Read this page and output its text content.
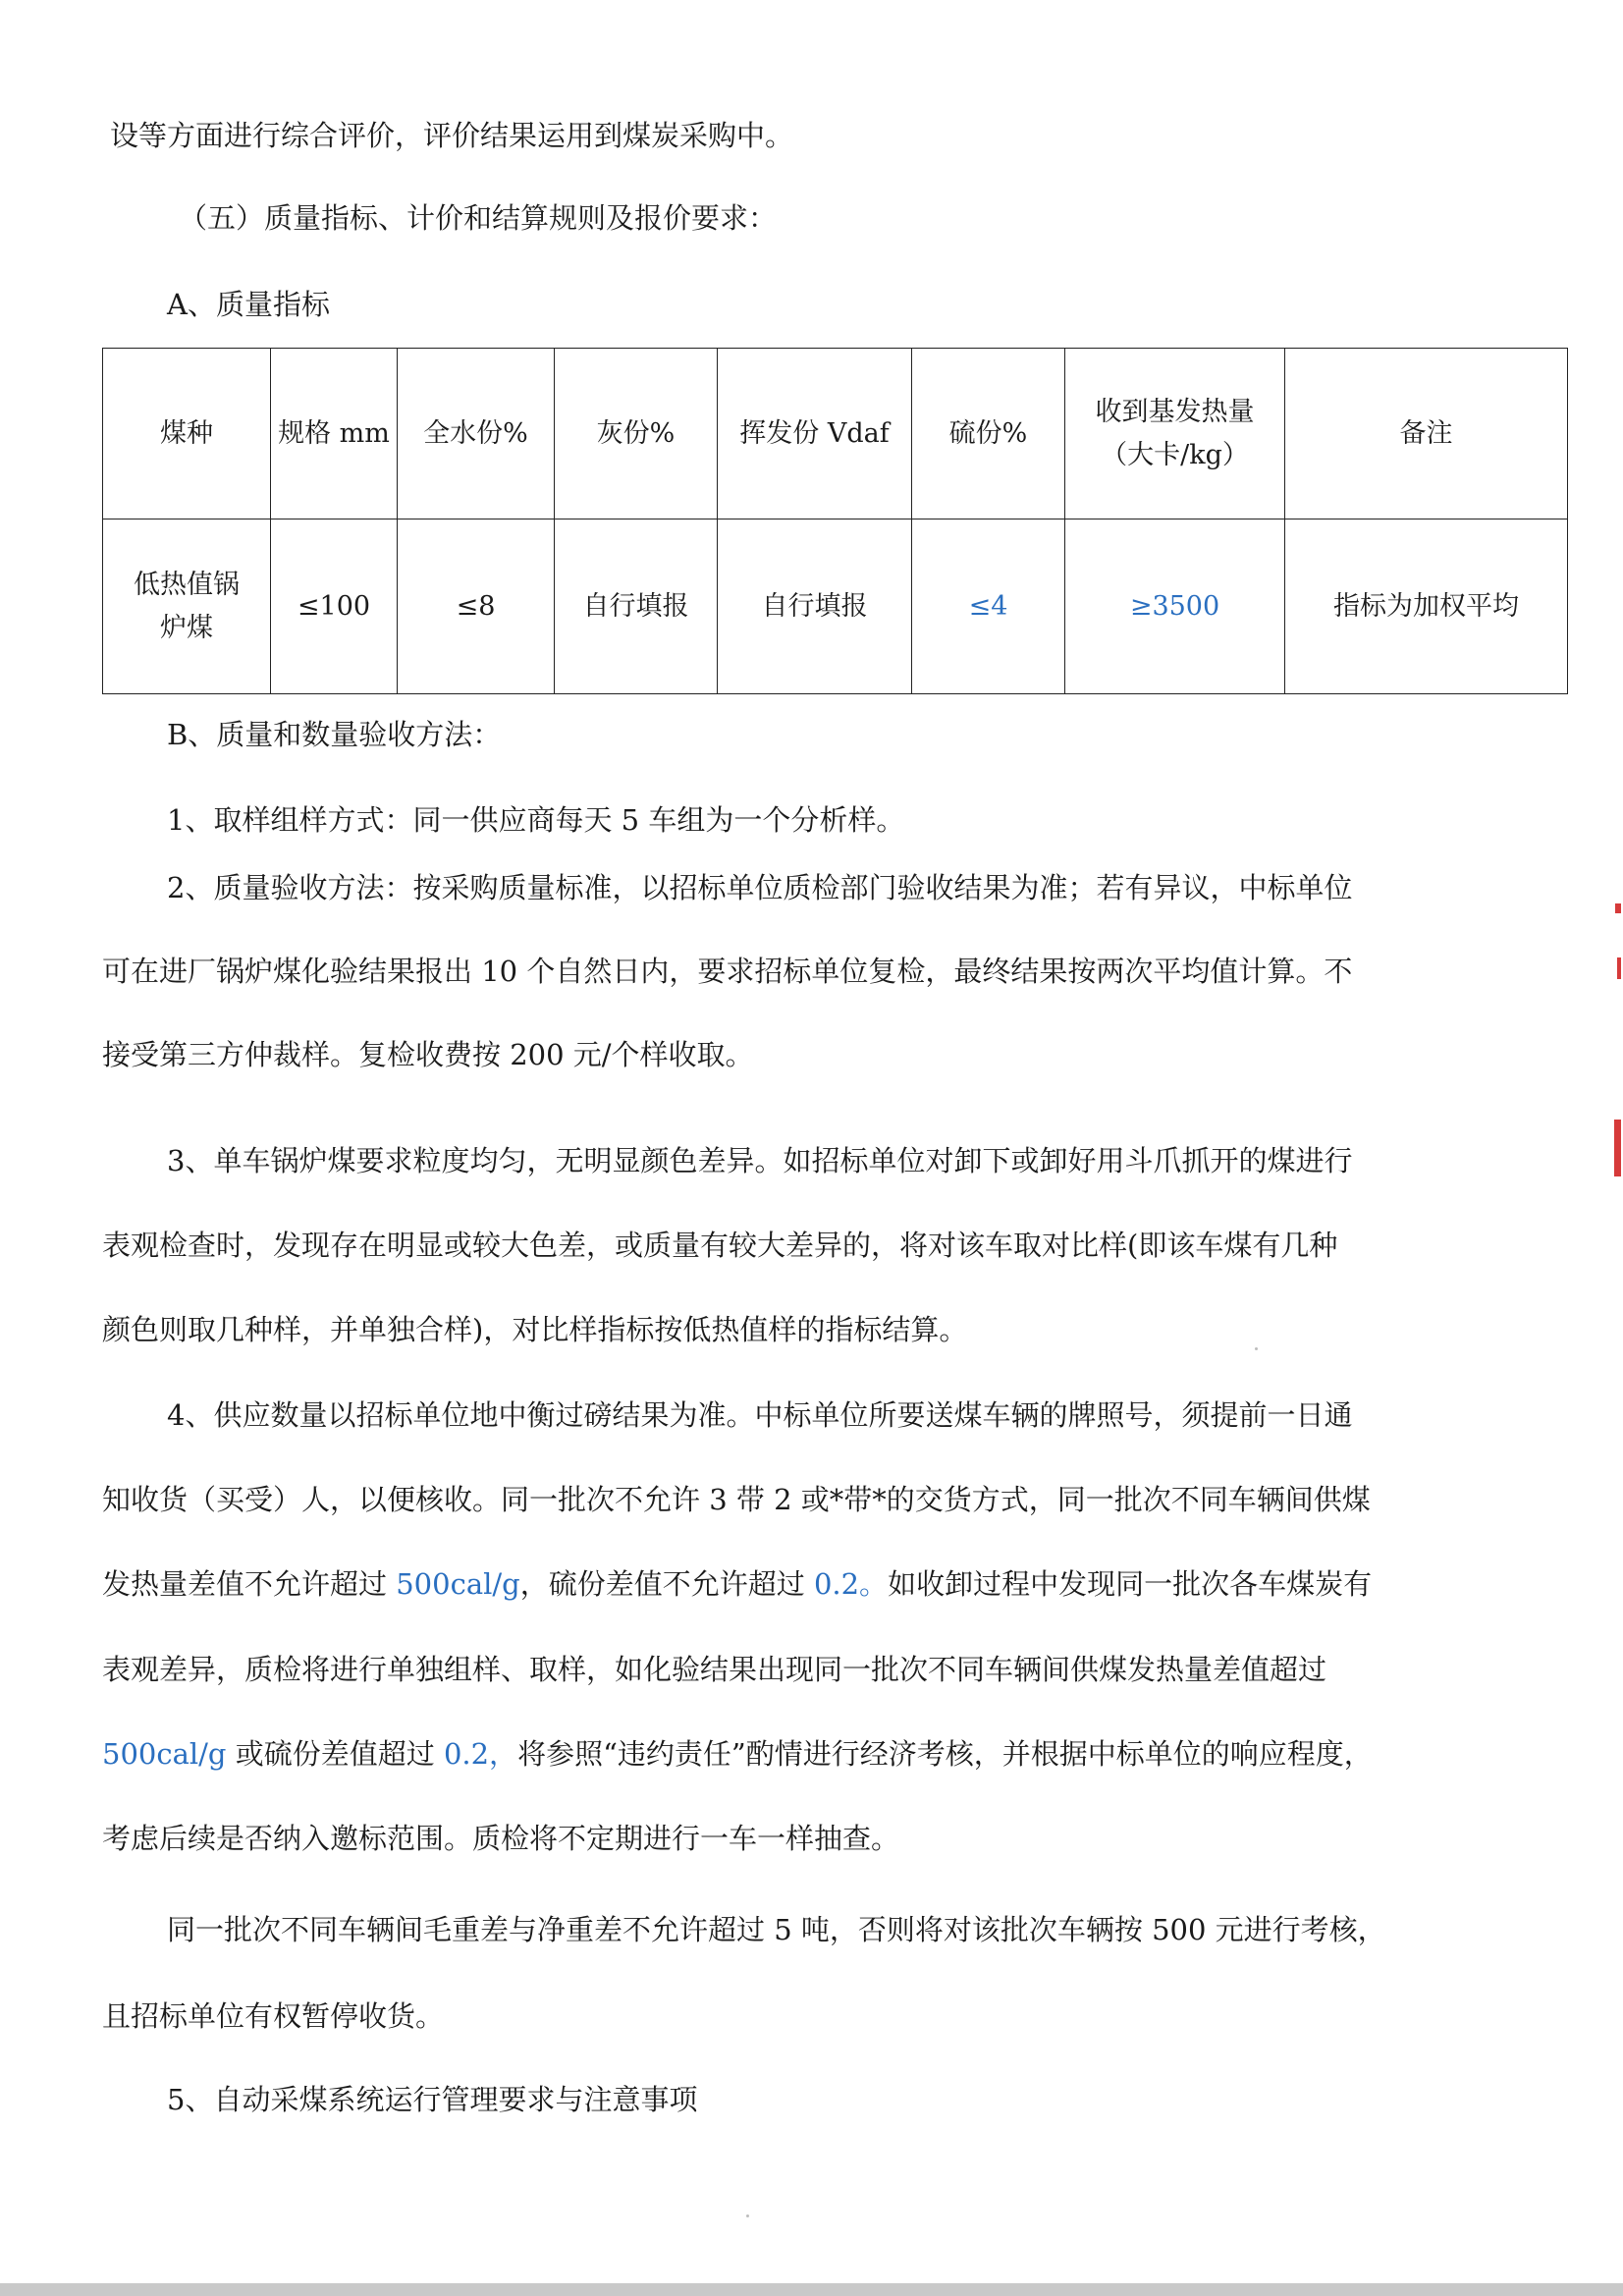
设等方面进行综合评价，评价结果运用到煤炭采购中。
（五）质量指标、计价和结算规则及报价要求：
A、质量指标
煤种	规格 mm	全水份%	灰份%	挥发份 Vdaf	硫份%	收到基发热量
（大卡/kg）	备注

低热值锅
炉煤	≤100	≤8	自行填报	自行填报	≤4	≥3500	指标为加权平均
B、质量和数量验收方法：
1、取样组样方式：同一供应商每天 5 车组为一个分析样。
2、质量验收方法：按采购质量标准，以招标单位质检部门验收结果为准；若有异议，中标单位
可在进厂锅炉煤化验结果报出 10 个自然日内，要求招标单位复检，最终结果按两次平均值计算。不
接受第三方仲裁样。复检收费按 200 元/个样收取。
3、单车锅炉煤要求粒度均匀，无明显颜色差异。如招标单位对卸下或卸好用斗爪抓开的煤进行
表观检查时，发现存在明显或较大色差，或质量有较大差异的，将对该车取对比样(即该车煤有几种
颜色则取几种样，并单独合样)，对比样指标按低热值样的指标结算。
4、供应数量以招标单位地中衡过磅结果为准。中标单位所要送煤车辆的牌照号，须提前一日通
知收货（买受）人，以便核收。同一批次不允许 3 带 2 或*带*的交货方式，同一批次不同车辆间供煤
发热量差值不允许超过 500cal/g，硫份差值不允许超过 0.2。如收卸过程中发现同一批次各车煤炭有
表观差异，质检将进行单独组样、取样，如化验结果出现同一批次不同车辆间供煤发热量差值超过
500cal/g 或硫份差值超过 0.2，将参照“违约责任”酌情进行经济考核，并根据中标单位的响应程度，
考虑后续是否纳入邀标范围。质检将不定期进行一车一样抽查。
同一批次不同车辆间毛重差与净重差不允许超过 5 吨，否则将对该批次车辆按 500 元进行考核，
且招标单位有权暂停收货。
5、自动采煤系统运行管理要求与注意事项
